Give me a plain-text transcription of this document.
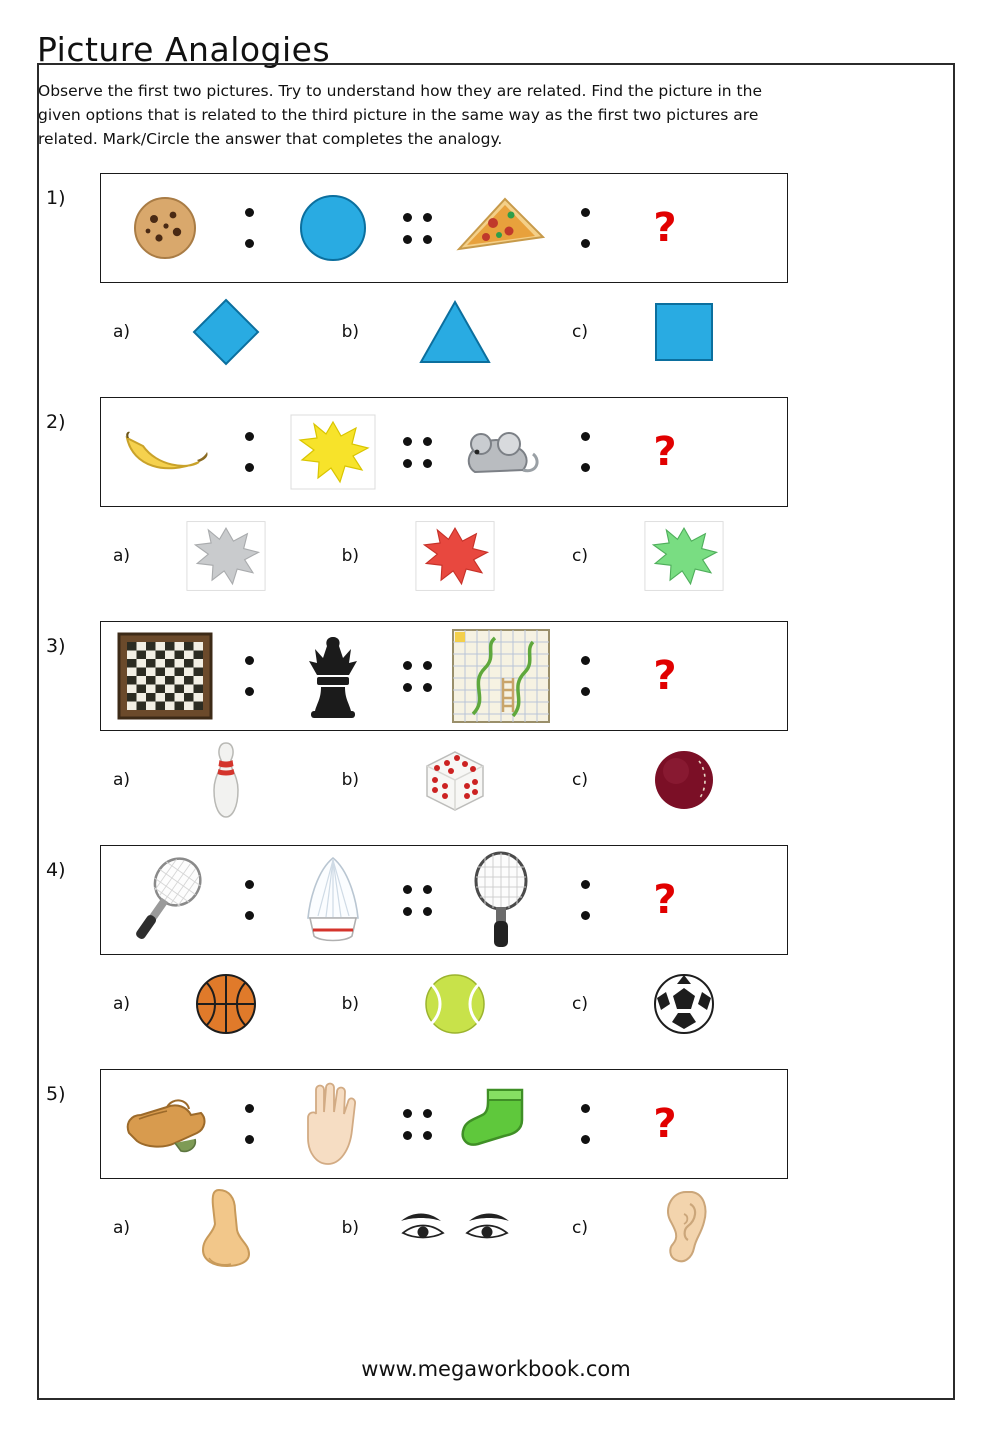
Picture Analogies

Observe the first two pictures. Try to understand how they are related. Find the picture in the given options that is related to the third picture in the same way as the first two pictures are related. Mark/Circle the answer that completes the analogy.

1)
?
a)	b)	c)
2)
?
a)	b)	c)
3)
?
a)	b)	c)
4)
?
a)	b)	c)
5)
?
a)	b)	c)
www.megaworkbook.com
